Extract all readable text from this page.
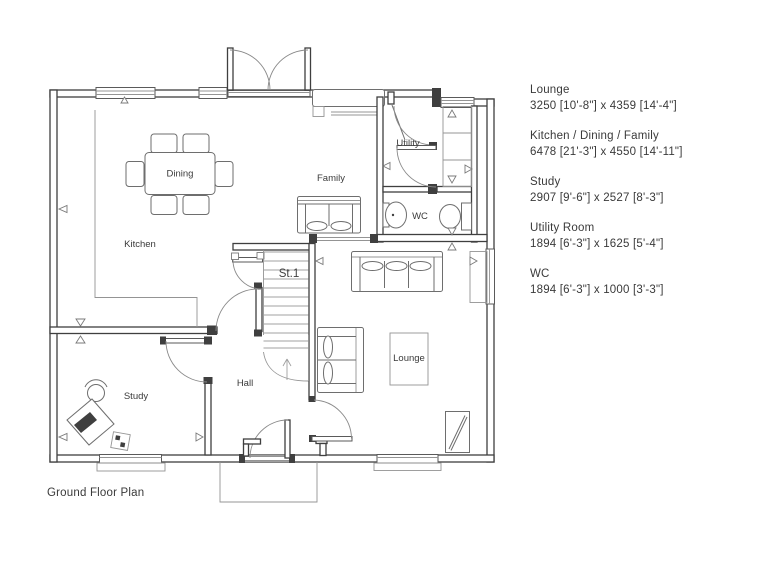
Dining
Kitchen
Family
Utility
WC
St.1
Lounge
Hall
Study
Lounge
3250 [10'-8"] x 4359 [14'-4"]
Kitchen / Dining / Family
6478 [21'-3"] x 4550 [14'-11"]
Study
2907 [9'-6"] x 2527 [8'-3"]
Utility Room
1894 [6'-3"] x 1625 [5'-4"]
WC
1894 [6'-3"] x 1000 [3'-3"]
Ground Floor Plan
